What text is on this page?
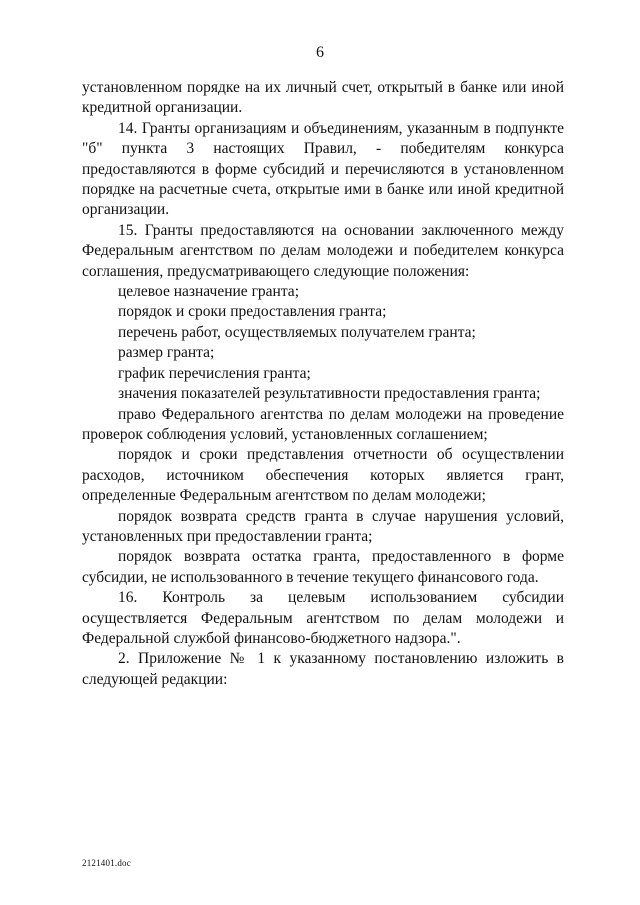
6

установленном порядке на их личный счет, открытый в банке или иной кредитной организации.

14. Гранты организациям и объединениям, указанным в подпункте "б" пункта 3 настоящих Правил, - победителям конкурса предоставляются в форме субсидий и перечисляются в установленном порядке на расчетные счета, открытые ими в банке или иной кредитной организации.

15. Гранты предоставляются на основании заключенного между Федеральным агентством по делам молодежи и победителем конкурса соглашения, предусматривающего следующие положения:

целевое назначение гранта;

порядок и сроки предоставления гранта;

перечень работ, осуществляемых получателем гранта;

размер гранта;

график перечисления гранта;

значения показателей результативности предоставления гранта;

право Федерального агентства по делам молодежи на проведение проверок соблюдения условий, установленных соглашением;

порядок и сроки представления отчетности об осуществлении расходов, источником обеспечения которых является грант, определенные Федеральным агентством по делам молодежи;

порядок возврата средств гранта в случае нарушения условий, установленных при предоставлении гранта;

порядок возврата остатка гранта, предоставленного в форме субсидии, не использованного в течение текущего финансового года.

16. Контроль за целевым использованием субсидии осуществляется Федеральным агентством по делам молодежи и Федеральной службой финансово-бюджетного надзора.".

2. Приложение № 1 к указанному постановлению изложить в следующей редакции:

2121401.doc
